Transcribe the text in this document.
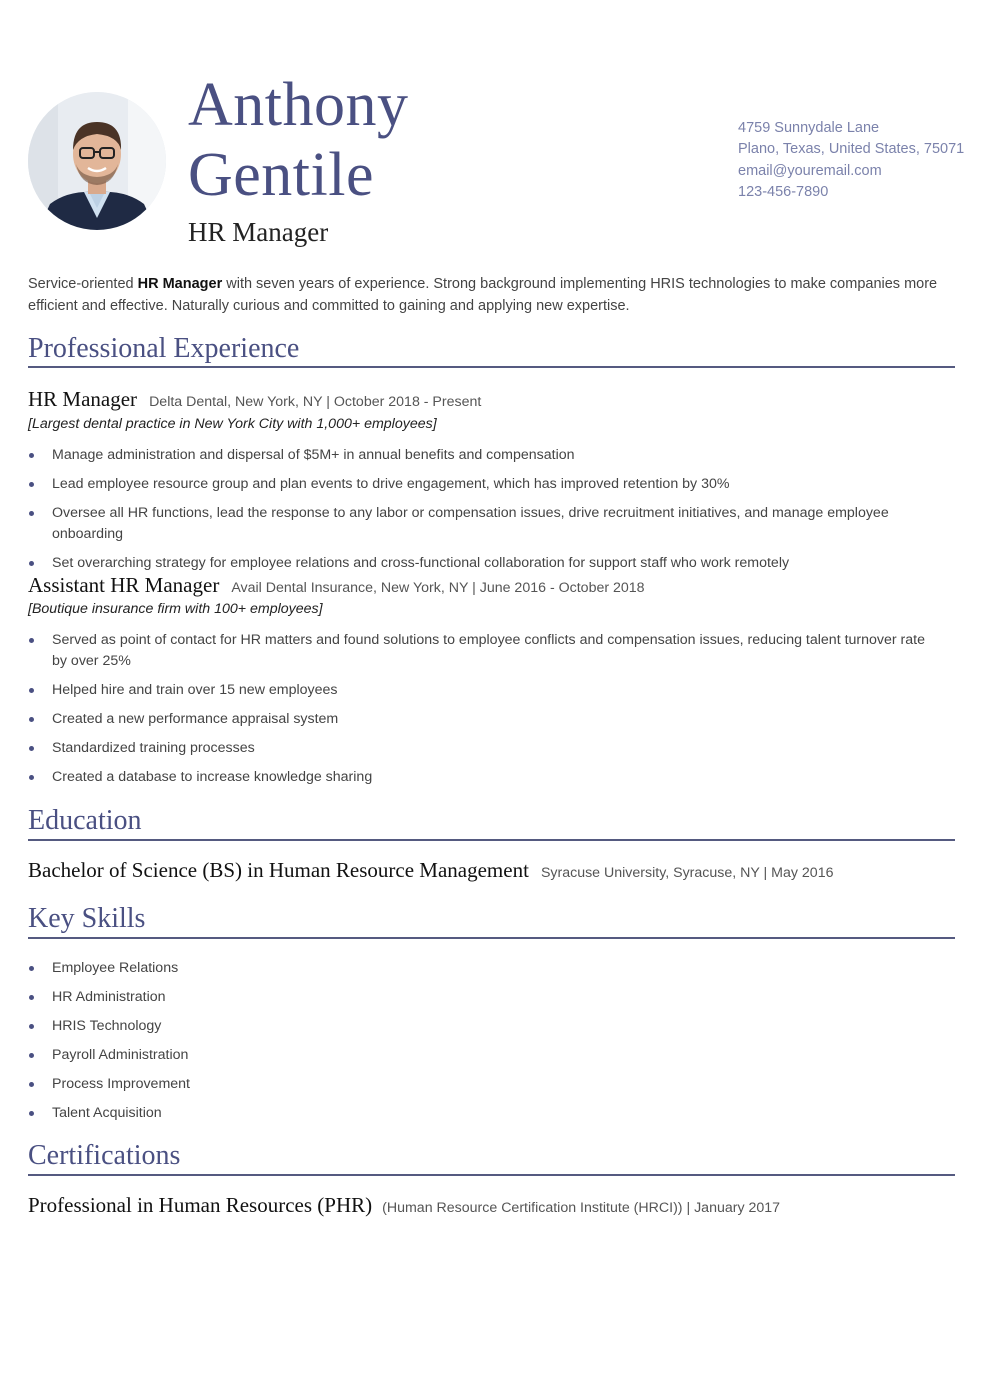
Anthony
Gentile
HR Manager
4759 Sunnydale Lane
Plano, Texas, United States, 75071
email@youremail.com
123-456-7890

Service-oriented HR Manager with seven years of experience. Strong background implementing HRIS technologies to make companies more efficient and effective. Naturally curious and committed to gaining and applying new expertise.

Professional Experience
HR Manager Delta Dental, New York, NY | October 2018 - Present
[Largest dental practice in New York City with 1,000+ employees]
Manage administration and dispersal of $5M+ in annual benefits and compensation
Lead employee resource group and plan events to drive engagement, which has improved retention by 30%
Oversee all HR functions, lead the response to any labor or compensation issues, drive recruitment initiatives, and manage employee onboarding
Set overarching strategy for employee relations and cross-functional collaboration for support staff who work remotely
Assistant HR Manager Avail Dental Insurance, New York, NY | June 2016 - October 2018
[Boutique insurance firm with 100+ employees]
Served as point of contact for HR matters and found solutions to employee conflicts and compensation issues, reducing talent turnover rate by over 25%
Helped hire and train over 15 new employees
Created a new performance appraisal system
Standardized training processes
Created a database to increase knowledge sharing
Education
Bachelor of Science (BS) in Human Resource Management Syracuse University, Syracuse, NY | May 2016
Key Skills
Employee Relations
HR Administration
HRIS Technology
Payroll Administration
Process Improvement
Talent Acquisition
Certifications
Professional in Human Resources (PHR) (Human Resource Certification Institute (HRCI)) | January 2017
